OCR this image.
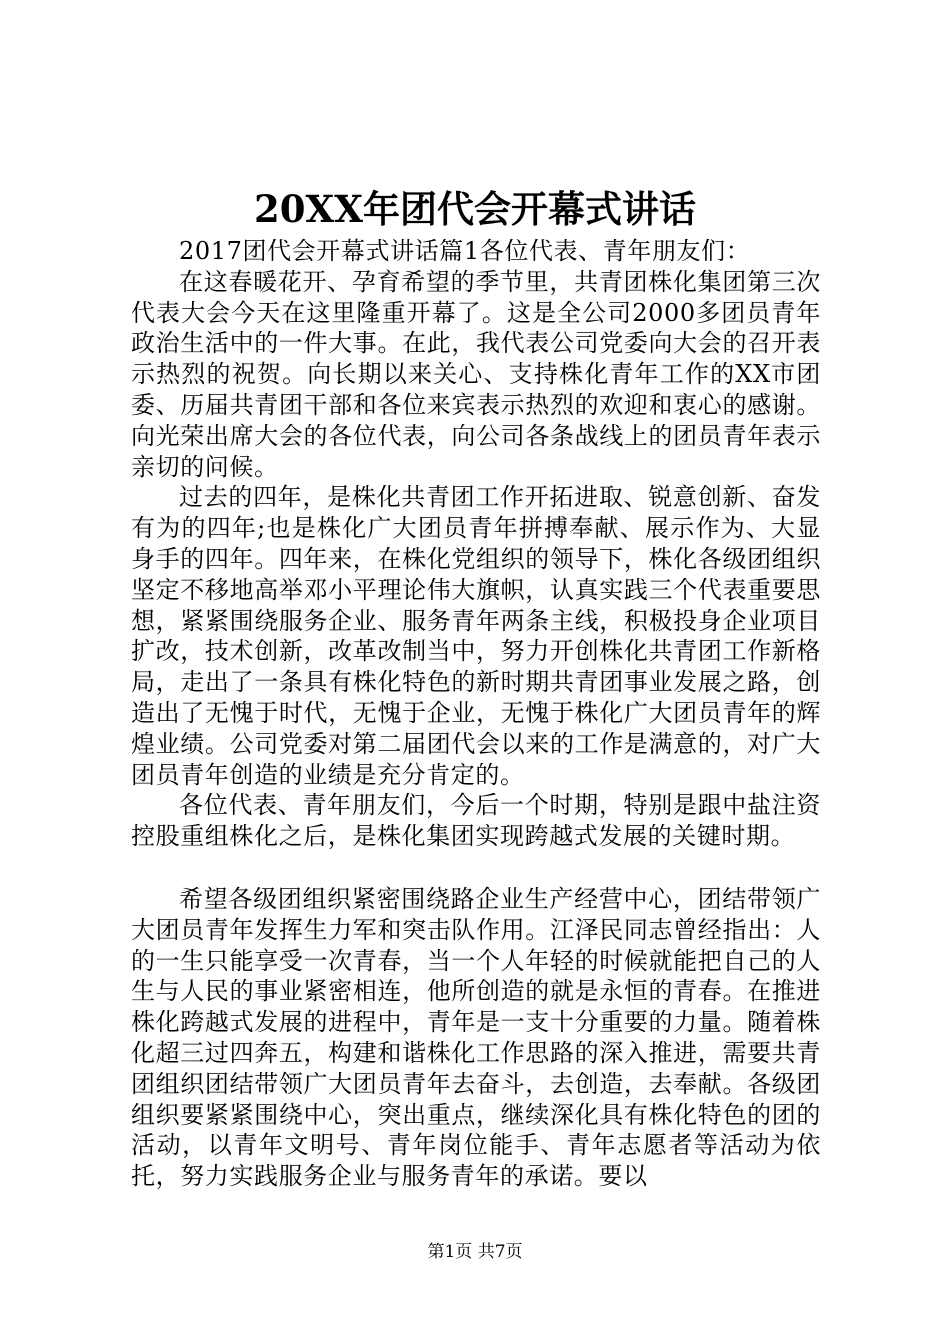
20XX年团代会开幕式讲话

2017团代会开幕式讲话篇1各位代表、青年朋友们：

在这春暖花开、孕育希望的季节里，共青团株化集团第三次代表大会今天在这里隆重开幕了。这是全公司2000多团员青年政治生活中的一件大事。在此，我代表公司党委向大会的召开表示热烈的祝贺。向长期以来关心、支持株化青年工作的XX市团委、历届共青团干部和各位来宾表示热烈的欢迎和衷心的感谢。向光荣出席大会的各位代表，向公司各条战线上的团员青年表示亲切的问候。

过去的四年，是株化共青团工作开拓进取、锐意创新、奋发有为的四年;也是株化广大团员青年拼搏奉献、展示作为、大显身手的四年。四年来，在株化党组织的领导下，株化各级团组织坚定不移地高举邓小平理论伟大旗帜，认真实践三个代表重要思想，紧紧围绕服务企业、服务青年两条主线，积极投身企业项目扩改，技术创新，改革改制当中，努力开创株化共青团工作新格局，走出了一条具有株化特色的新时期共青团事业发展之路，创造出了无愧于时代，无愧于企业，无愧于株化广大团员青年的辉煌业绩。公司党委对第二届团代会以来的工作是满意的，对广大团员青年创造的业绩是充分肯定的。

各位代表、青年朋友们，今后一个时期，特别是跟中盐注资控股重组株化之后，是株化集团实现跨越式发展的关键时期。

希望各级团组织紧密围绕路企业生产经营中心，团结带领广大团员青年发挥生力军和突击队作用。江泽民同志曾经指出：人的一生只能享受一次青春，当一个人年轻的时候就能把自己的人生与人民的事业紧密相连，他所创造的就是永恒的青春。在推进株化跨越式发展的进程中，青年是一支十分重要的力量。随着株化超三过四奔五，构建和谐株化工作思路的深入推进，需要共青团组织团结带领广大团员青年去奋斗，去创造，去奉献。各级团组织要紧紧围绕中心，突出重点，继续深化具有株化特色的团的活动，以青年文明号、青年岗位能手、青年志愿者等活动为依托，努力实践服务企业与服务青年的承诺。要以

第1页 共7页
